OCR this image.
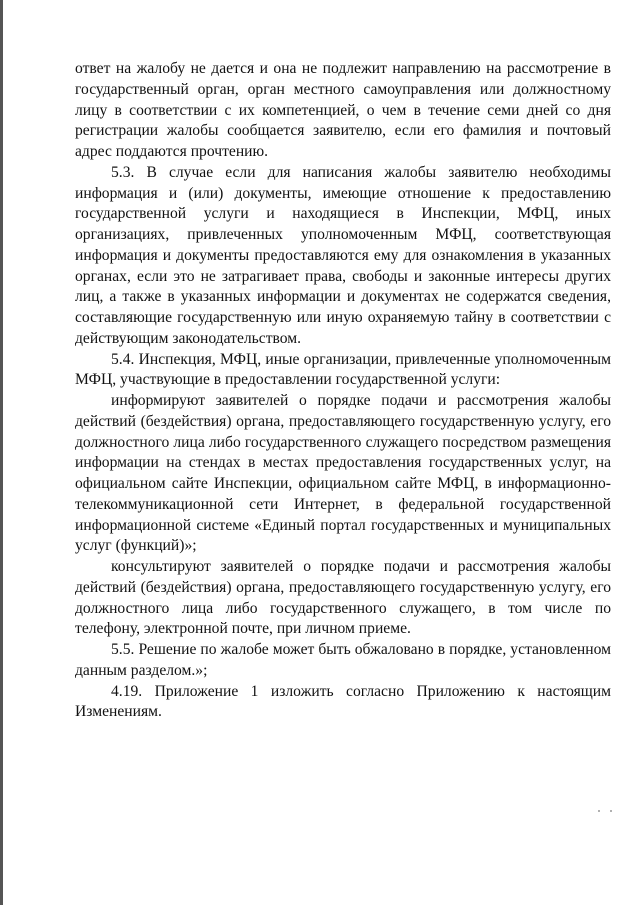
ответ на жалобу не дается и она не подлежит направлению на рассмотрение в государственный орган, орган местного самоуправления или должностному лицу в соответствии с их компетенцией, о чем в течение семи дней со дня регистрации жалобы сообщается заявителю, если его фамилия и почтовый адрес поддаются прочтению.

5.3. В случае если для написания жалобы заявителю необходимы информация и (или) документы, имеющие отношение к предоставлению государственной услуги и находящиеся в Инспекции, МФЦ, иных организациях, привлеченных уполномоченным МФЦ, соответствующая информация и документы предоставляются ему для ознакомления в указанных органах, если это не затрагивает права, свободы и законные интересы других лиц, а также в указанных информации и документах не содержатся сведения, составляющие государственную или иную охраняемую тайну в соответствии с действующим законодательством.

5.4. Инспекция, МФЦ, иные организации, привлеченные уполномоченным МФЦ, участвующие в предоставлении государственной услуги:

информируют заявителей о порядке подачи и рассмотрения жалобы действий (бездействия) органа, предоставляющего государственную услугу, его должностного лица либо государственного служащего посредством размещения информации на стендах в местах предоставления государственных услуг, на официальном сайте Инспекции, официальном сайте МФЦ, в информационно-телекоммуникационной сети Интернет, в федеральной государственной информационной системе «Единый портал государственных и муниципальных услуг (функций)»;

консультируют заявителей о порядке подачи и рассмотрения жалобы действий (бездействия) органа, предоставляющего государственную услугу, его должностного лица либо государственного служащего, в том числе по телефону, электронной почте, при личном приеме.

5.5. Решение по жалобе может быть обжаловано в порядке, установленном данным разделом.»;

4.19. Приложение 1 изложить согласно Приложению к настоящим Изменениям.
